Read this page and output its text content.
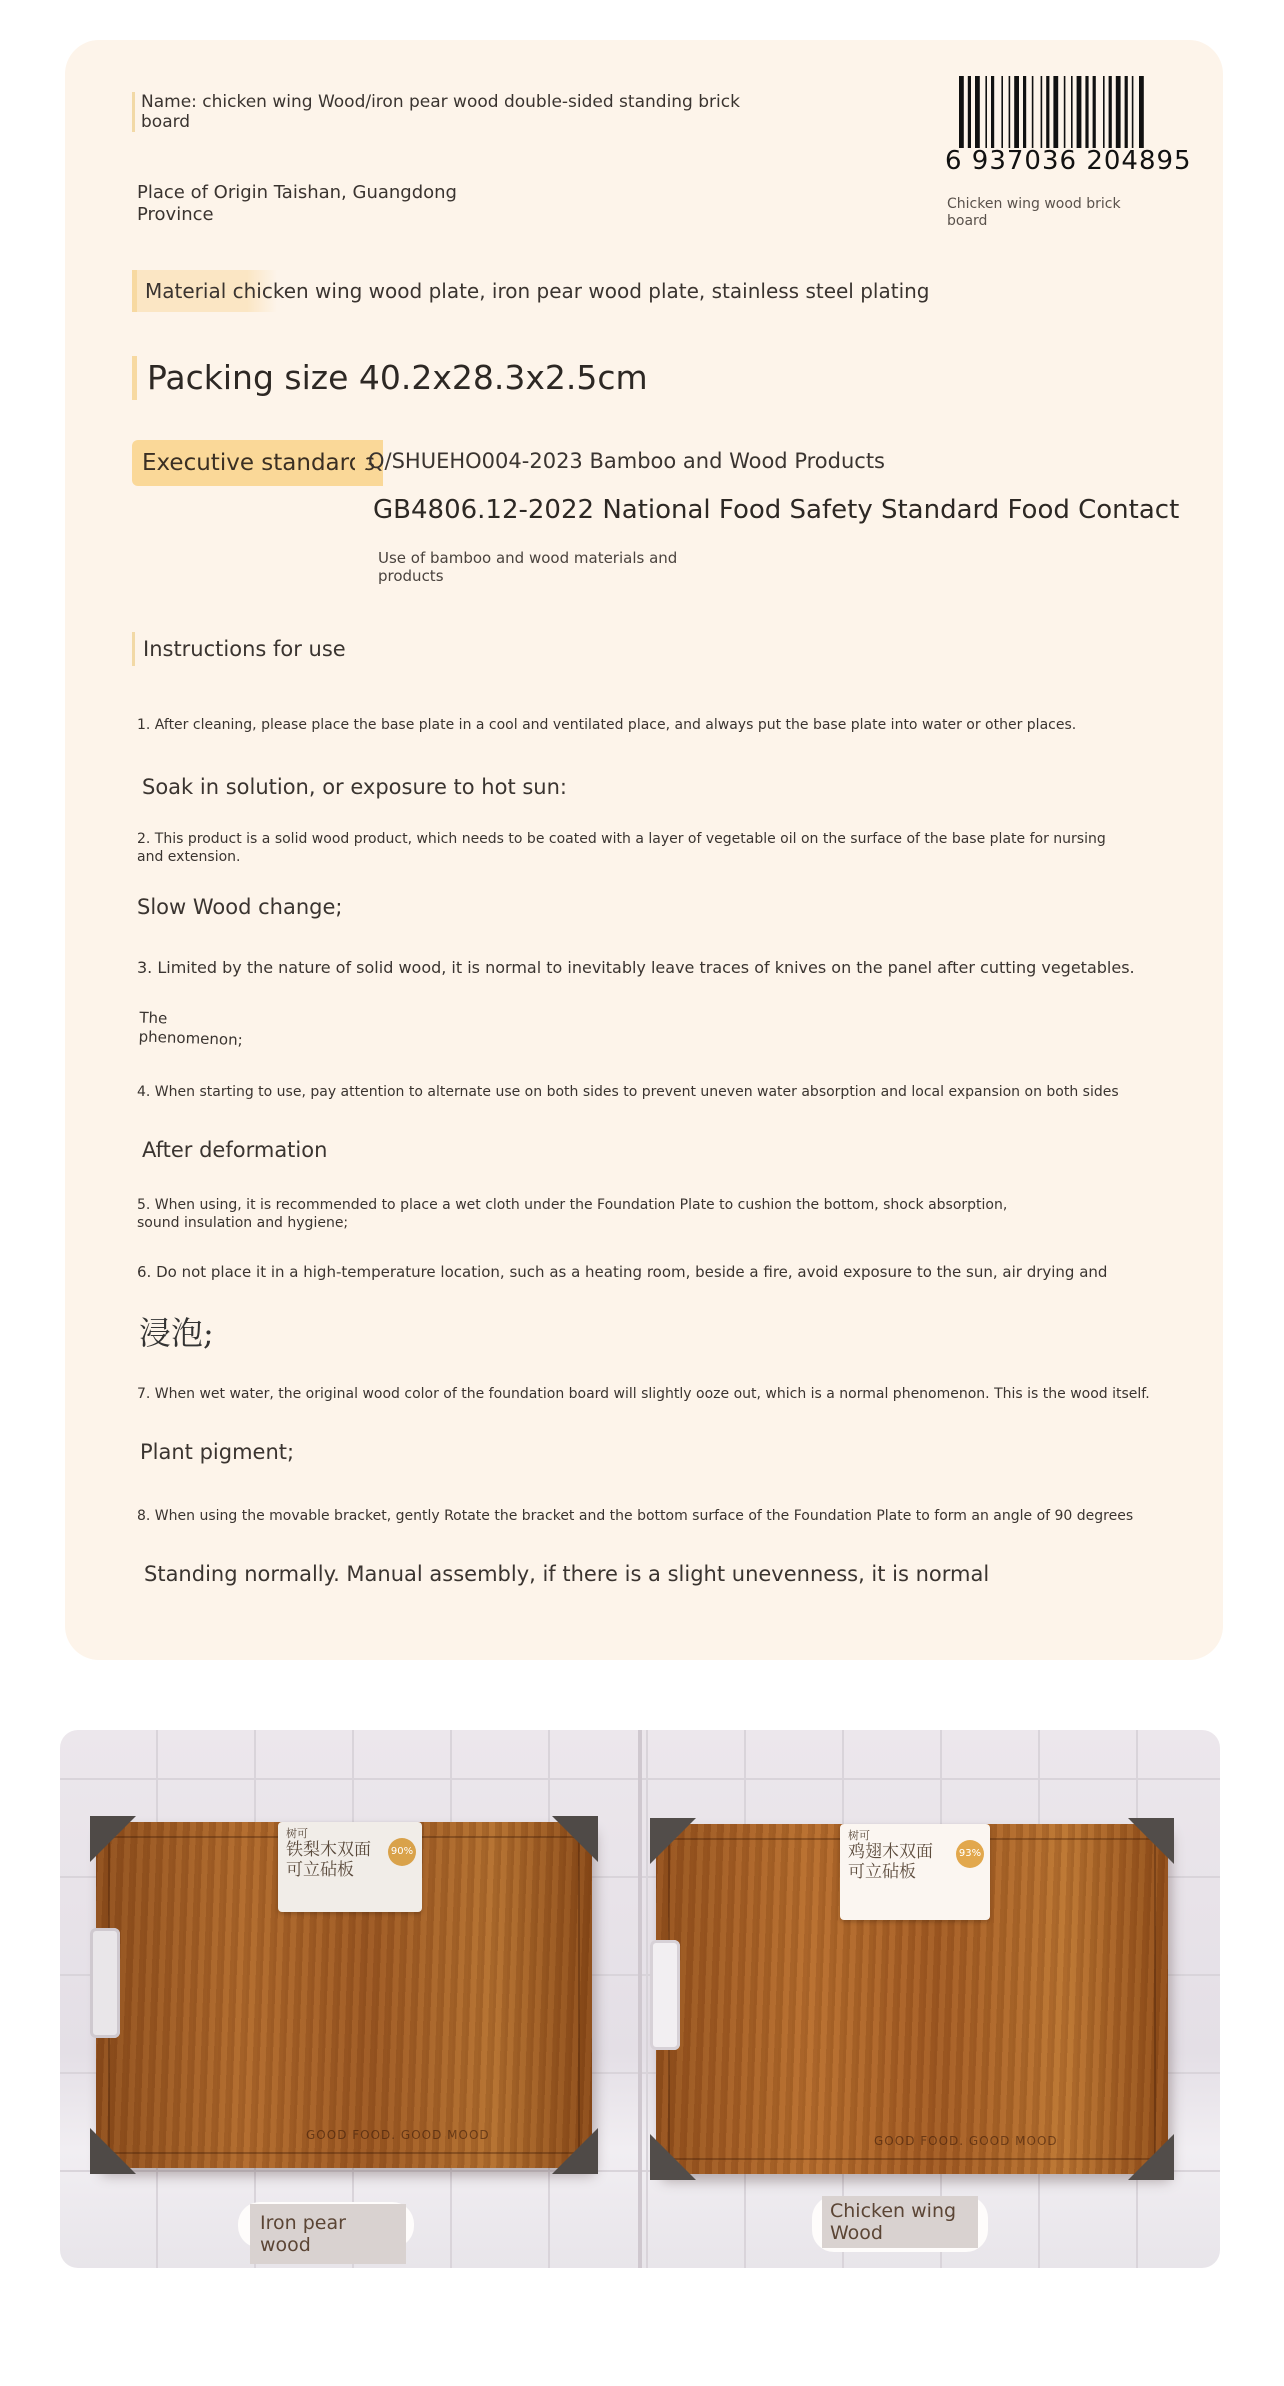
Name: chicken wing Wood/iron pear wood double-sided standing brick board
Place of Origin Taishan, Guangdong Province
6 937036 204895
Chicken wing wood brick board
Material chicken wing wood plate, iron pear wood plate, stainless steel plating
Packing size 40.2x28.3x2.5cm
Executive standards
Q/SHUEHO004-2023 Bamboo and Wood Products
GB4806.12-2022 National Food Safety Standard Food Contact
Use of bamboo and wood materials and products
Instructions for use
1. After cleaning, please place the base plate in a cool and ventilated place, and always put the base plate into water or other places.
Soak in solution, or exposure to hot sun:
2. This product is a solid wood product, which needs to be coated with a layer of vegetable oil on the surface of the base plate for nursing and extension.
Slow Wood change;
3. Limited by the nature of solid wood, it is normal to inevitably leave traces of knives on the panel after cutting vegetables.
The phenomenon;
4. When starting to use, pay attention to alternate use on both sides to prevent uneven water absorption and local expansion on both sides
After deformation
5. When using, it is recommended to place a wet cloth under the Foundation Plate to cushion the bottom, shock absorption, sound insulation and hygiene;
6. Do not place it in a high-temperature location, such as a heating room, beside a fire, avoid exposure to the sun, air drying and
浸泡;
7. When wet water, the original wood color of the foundation board will slightly ooze out, which is a normal phenomenon. This is the wood itself.
Plant pigment;
8. When using the movable bracket, gently Rotate the bracket and the bottom surface of the Foundation Plate to form an angle of 90 degrees
Standing normally. Manual assembly, if there is a slight unevenness, it is normal
树可
铁梨木双面
可立砧板
90%
GOOD FOOD. GOOD MOOD
树可
鸡翅木双面
可立砧板
93%
GOOD FOOD. GOOD MOOD
Iron pear wood
Chicken wing Wood
